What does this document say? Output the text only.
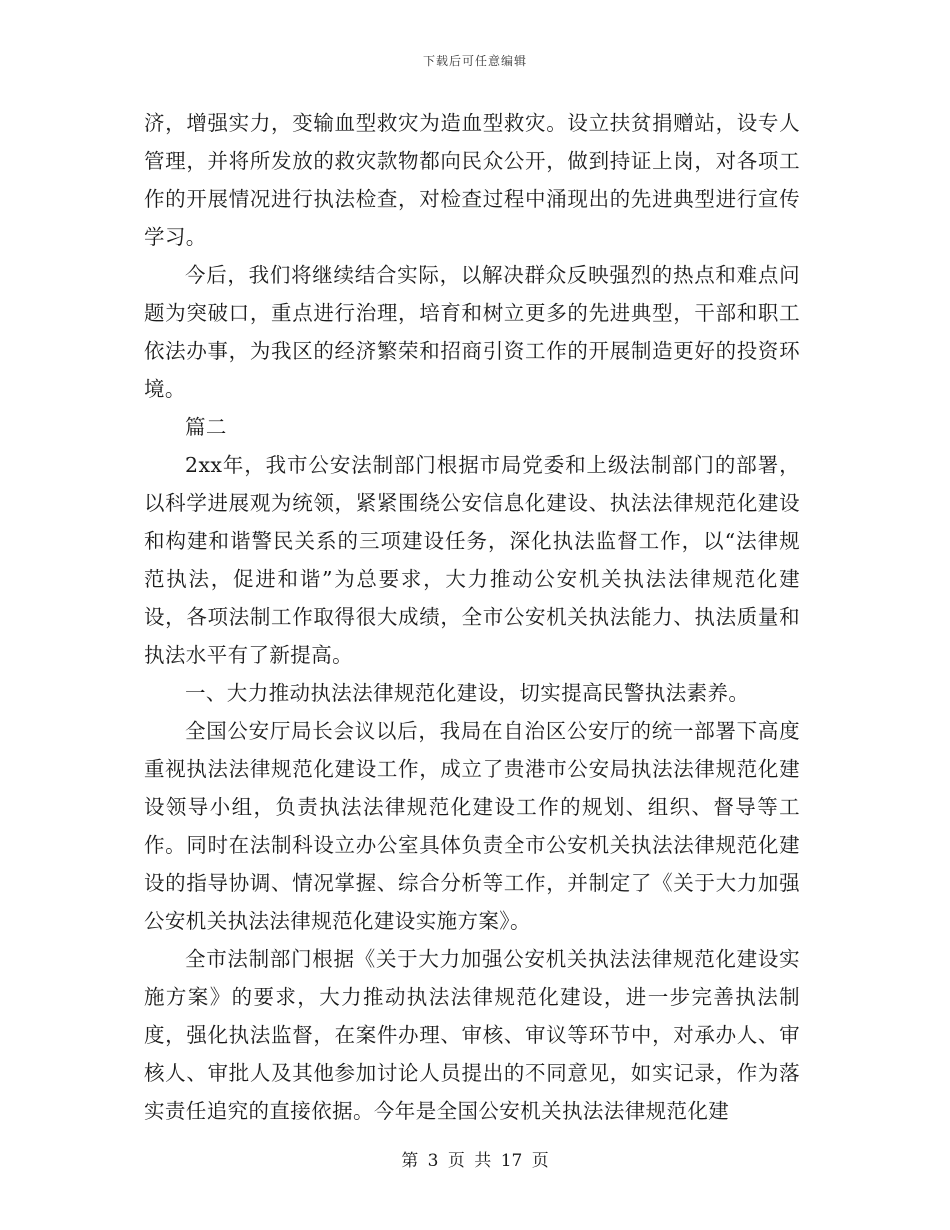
下载后可任意编辑

济，增强实力，变输血型救灾为造血型救灾。设立扶贫捐赠站，设专人管理，并将所发放的救灾款物都向民众公开，做到持证上岗，对各项工作的开展情况进行执法检查，对检查过程中涌现出的先进典型进行宣传学习。

今后，我们将继续结合实际，以解决群众反映强烈的热点和难点问题为突破口，重点进行治理，培育和树立更多的先进典型，干部和职工依法办事，为我区的经济繁荣和招商引资工作的开展制造更好的投资环境。

篇二

2xx年，我市公安法制部门根据市局党委和上级法制部门的部署，以科学进展观为统领，紧紧围绕公安信息化建设、执法法律规范化建设和构建和谐警民关系的三项建设任务，深化执法监督工作，以“法律规范执法，促进和谐”为总要求，大力推动公安机关执法法律规范化建设，各项法制工作取得很大成绩，全市公安机关执法能力、执法质量和执法水平有了新提高。

一、大力推动执法法律规范化建设，切实提高民警执法素养。

全国公安厅局长会议以后，我局在自治区公安厅的统一部署下高度重视执法法律规范化建设工作，成立了贵港市公安局执法法律规范化建设领导小组，负责执法法律规范化建设工作的规划、组织、督导等工作。同时在法制科设立办公室具体负责全市公安机关执法法律规范化建设的指导协调、情况掌握、综合分析等工作，并制定了《关于大力加强公安机关执法法律规范化建设实施方案》。

全市法制部门根据《关于大力加强公安机关执法法律规范化建设实施方案》的要求，大力推动执法法律规范化建设，进一步完善执法制度，强化执法监督，在案件办理、审核、审议等环节中，对承办人、审核人、审批人及其他参加讨论人员提出的不同意见，如实记录，作为落实责任追究的直接依据。今年是全国公安机关执法法律规范化建

第 3 页 共 17 页
